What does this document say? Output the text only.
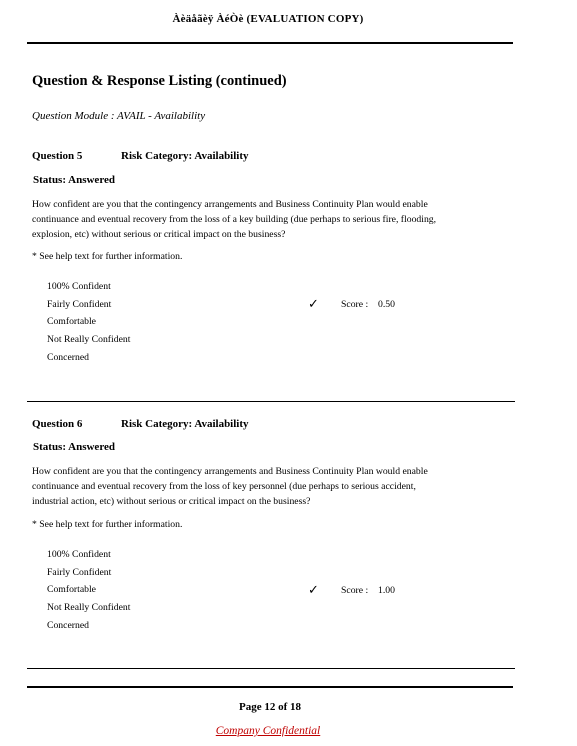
Àèäåãèÿ ÀéÒè (EVALUATION COPY)
Question & Response Listing (continued)
Question Module : AVAIL - Availability
Question 5	Risk Category: Availability
Status: Answered
How confident are you that the contingency arrangements and Business Continuity Plan would enable
continuance and eventual recovery from the loss of a key building (due perhaps to serious fire, flooding,
explosion, etc) without serious or critical impact on the business?
* See help text for further information.
100% Confident
Fairly Confident
Comfortable
Not Really Confident
Concerned
✓ Score : 0.50
Question 6	Risk Category: Availability
Status: Answered
How confident are you that the contingency arrangements and Business Continuity Plan would enable
continuance and eventual recovery from the loss of key personnel (due perhaps to serious accident,
industrial action, etc) without serious or critical impact on the business?
* See help text for further information.
100% Confident
Fairly Confident
Comfortable
Not Really Confident
Concerned
✓ Score : 1.00
Page 12 of 18
Company Confidential
